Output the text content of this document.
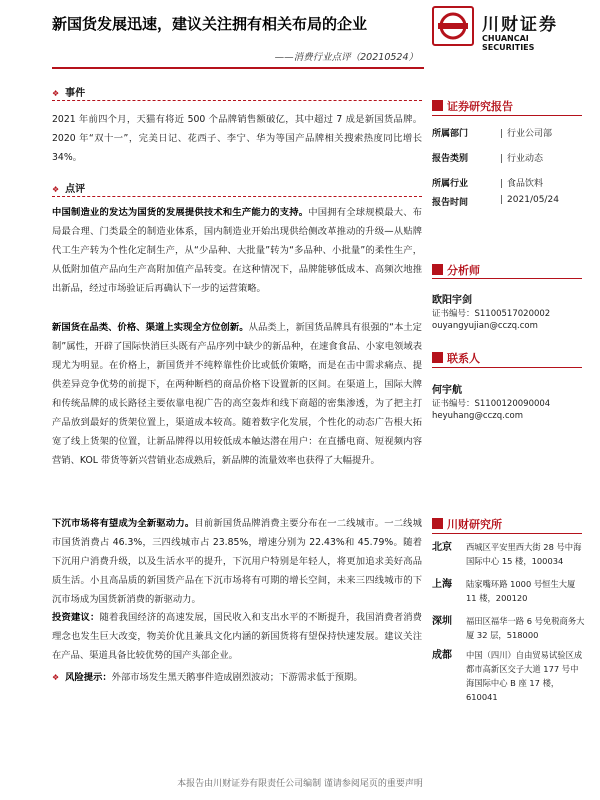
新国货发展迅速，建议关注拥有相关布局的企业
——消费行业点评（20210524）
川财证券
CHUANCAI SECURITIES
❖ 事件
2021 年前四个月，天猫有将近 500 个品牌销售额破亿，其中超过 7 成是新国货品牌。2020 年“双十一”，完美日记、花西子、李宁、华为等国产品牌相关搜索热度同比增长 34%。
❖ 点评
中国制造业的发达为国货的发展提供技术和生产能力的支持。中国拥有全球规模最大、布局最合理、门类最全的制造业体系，国内制造业开始出现供给侧改革推动的升级—从贴牌代工生产转为个性化定制生产，从“少品种、大批量”转为“多品种、小批量”的柔性生产，从低附加值产品向生产高附加值产品转变。在这种情况下，品牌能够低成本、高频次地推出新品，经过市场验证后再确认下一步的运营策略。
新国货在品类、价格、渠道上实现全方位创新。从品类上，新国货品牌具有很强的“本土定制”属性，开辟了国际快消巨头既有产品序列中缺少的新品种，在速食食品、小家电领域表现尤为明显。在价格上，新国货并不纯粹靠性价比或低价策略，而是在击中需求痛点、提供差异竞争优势的前提下，在两种断档的商品价格下设置新的区间。在渠道上，国际大牌和传统品牌的成长路径主要依靠电视广告的高空轰炸和线下商超的密集渗透，为了把主打产品放到最好的货架位置上，渠道成本较高。随着数字化发展，个性化的动态广告根大拓宽了线上货架的位置，让新品牌得以用较低成本触达潜在用户：在直播电商、短视频内容营销、KOL 带货等新兴营销业态成熟后，新品牌的流量效率也获得了大幅提升。
下沉市场将有望成为全新驱动力。目前新国货品牌消费主要分布在一二线城市。一二线城市国货消费占 46.3%，三四线城市占 23.85%，增速分别为 22.43%和 45.79%。随着下沉用户消费升级，以及生活水平的提升，下沉用户特别是年轻人，将更加追求美好高品质生活。小且高品质的新国货产品在下沉市场将有可期的增长空间，未来三四线城市的下沉市场成为国货新消费的新驱动力。
投资建议：随着我国经济的高速发展，国民收入和支出水平的不断提升，我国消费者消费理念也发生巨大改变，物美价优且兼具文化内涵的新国货将有望保持快速发展。建议关注在产品、渠道具备比较优势的国产头部企业。
❖ 风险提示：外部市场发生黑天鹅事件造成剧烈波动；下游需求低于预期。
证券研究报告
所属部门	| 行业公司部
报告类别	| 行业动态
所属行业	| 食品饮料
报告时间	| 2021/05/24
分析师
欧阳宇剑
证书编号：S1100517020002
ouyangyujian@cczq.com
联系人
何宇航
证书编号：S1100120090004
heyuhang@cczq.com
川财研究所
北京 西城区平安里西大街 28 号中海国际中心 15 楼，100034
上海 陆家嘴环路 1000 号恒生大厦 11 楼，200120
深圳 福田区福华一路 6 号免税商务大厦 32 层，518000
成都 中国（四川）自由贸易试验区成都市高新区交子大道 177 号中海国际中心 B 座 17 楼，610041
本报告由川财证券有限责任公司编制 谨请参阅尾页的重要声明
